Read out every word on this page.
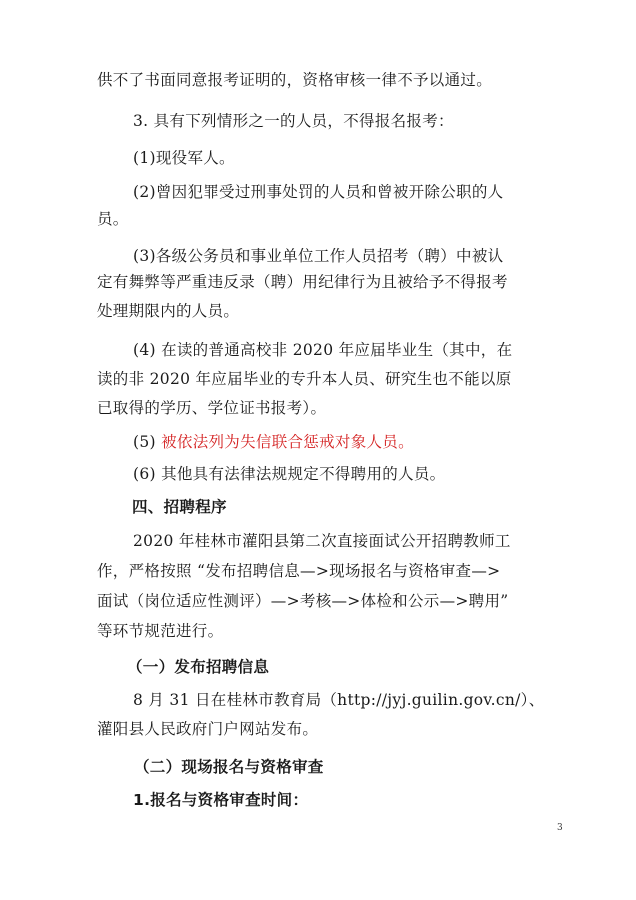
供不了书面同意报考证明的，资格审核一律不予以通过。
3. 具有下列情形之一的人员，不得报名报考：
(1)现役军人。
(2)曾因犯罪受过刑事处罚的人员和曾被开除公职的人
员。
(3)各级公务员和事业单位工作人员招考（聘）中被认
定有舞弊等严重违反录（聘）用纪律行为且被给予不得报考
处理期限内的人员。
(4) 在读的普通高校非 2020 年应届毕业生（其中，在
读的非 2020 年应届毕业的专升本人员、研究生也不能以原
已取得的学历、学位证书报考）。
(5) 被依法列为失信联合惩戒对象人员。
(6) 其他具有法律法规规定不得聘用的人员。
四、招聘程序
2020 年桂林市灌阳县第二次直接面试公开招聘教师工
作，严格按照 “发布招聘信息—>现场报名与资格审查—>
面试（岗位适应性测评）—>考核—>体检和公示—>聘用”
等环节规范进行。
（一）发布招聘信息
8 月 31 日在桂林市教育局（http://jyj.guilin.gov.cn/）、
灌阳县人民政府门户网站发布。
（二）现场报名与资格审查
1.报名与资格审查时间：
3
